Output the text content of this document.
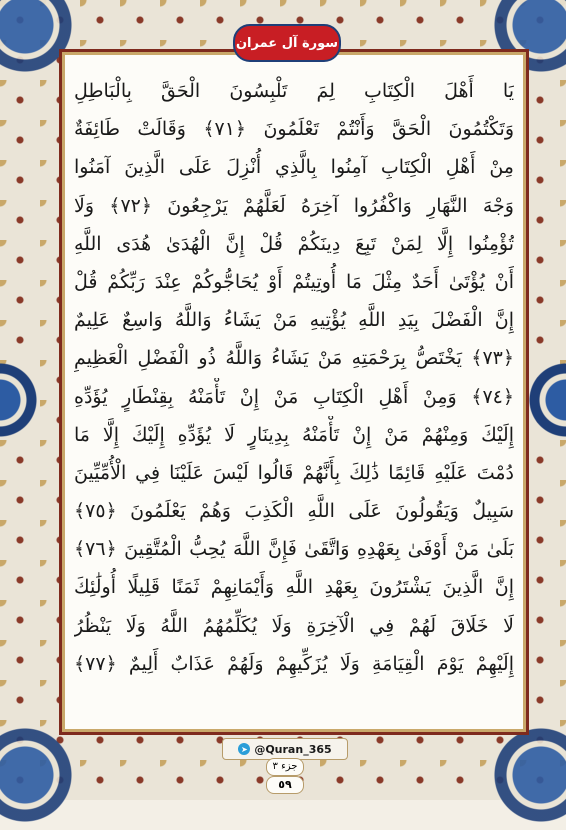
سورة آل عمران
يَا أَهْلَ الْكِتَابِ لِمَ تَلْبِسُونَ الْحَقَّ بِالْبَاطِلِ
وَتَكْتُمُونَ الْحَقَّ وَأَنْتُمْ تَعْلَمُونَ ﴿٧١﴾ وَقَالَتْ طَائِفَةٌ
مِنْ أَهْلِ الْكِتَابِ آمِنُوا بِالَّذِي أُنْزِلَ عَلَى الَّذِينَ آمَنُوا
وَجْهَ النَّهَارِ وَاكْفُرُوا آخِرَهُ لَعَلَّهُمْ يَرْجِعُونَ ﴿٧٢﴾ وَلَا
تُؤْمِنُوا إِلَّا لِمَنْ تَبِعَ دِينَكُمْ قُلْ إِنَّ الْهُدَىٰ هُدَى اللَّهِ
أَنْ يُؤْتَىٰ أَحَدٌ مِثْلَ مَا أُوتِيتُمْ أَوْ يُحَاجُّوكُمْ عِنْدَ رَبِّكُمْ قُلْ
إِنَّ الْفَضْلَ بِيَدِ اللَّهِ يُؤْتِيهِ مَنْ يَشَاءُ وَاللَّهُ وَاسِعٌ عَلِيمٌ
﴿٧٣﴾ يَخْتَصُّ بِرَحْمَتِهِ مَنْ يَشَاءُ وَاللَّهُ ذُو الْفَضْلِ الْعَظِيمِ
﴿٧٤﴾ وَمِنْ أَهْلِ الْكِتَابِ مَنْ إِنْ تَأْمَنْهُ بِقِنْطَارٍ يُؤَدِّهِ
إِلَيْكَ وَمِنْهُمْ مَنْ إِنْ تَأْمَنْهُ بِدِينَارٍ لَا يُؤَدِّهِ إِلَيْكَ إِلَّا مَا
دُمْتَ عَلَيْهِ قَائِمًا ذَٰلِكَ بِأَنَّهُمْ قَالُوا لَيْسَ عَلَيْنَا فِي الْأُمِّيِّينَ
سَبِيلٌ وَيَقُولُونَ عَلَى اللَّهِ الْكَذِبَ وَهُمْ يَعْلَمُونَ ﴿٧٥﴾
بَلَىٰ مَنْ أَوْفَىٰ بِعَهْدِهِ وَاتَّقَىٰ فَإِنَّ اللَّهَ يُحِبُّ الْمُتَّقِينَ ﴿٧٦﴾
إِنَّ الَّذِينَ يَشْتَرُونَ بِعَهْدِ اللَّهِ وَأَيْمَانِهِمْ ثَمَنًا قَلِيلًا أُولَٰئِكَ
لَا خَلَاقَ لَهُمْ فِي الْآخِرَةِ وَلَا يُكَلِّمُهُمُ اللَّهُ وَلَا يَنْظُرُ
إِلَيْهِمْ يَوْمَ الْقِيَامَةِ وَلَا يُزَكِّيهِمْ وَلَهُمْ عَذَابٌ أَلِيمٌ ﴿٧٧﴾
➤ @Quran_365
جزء ٣
٥٩
